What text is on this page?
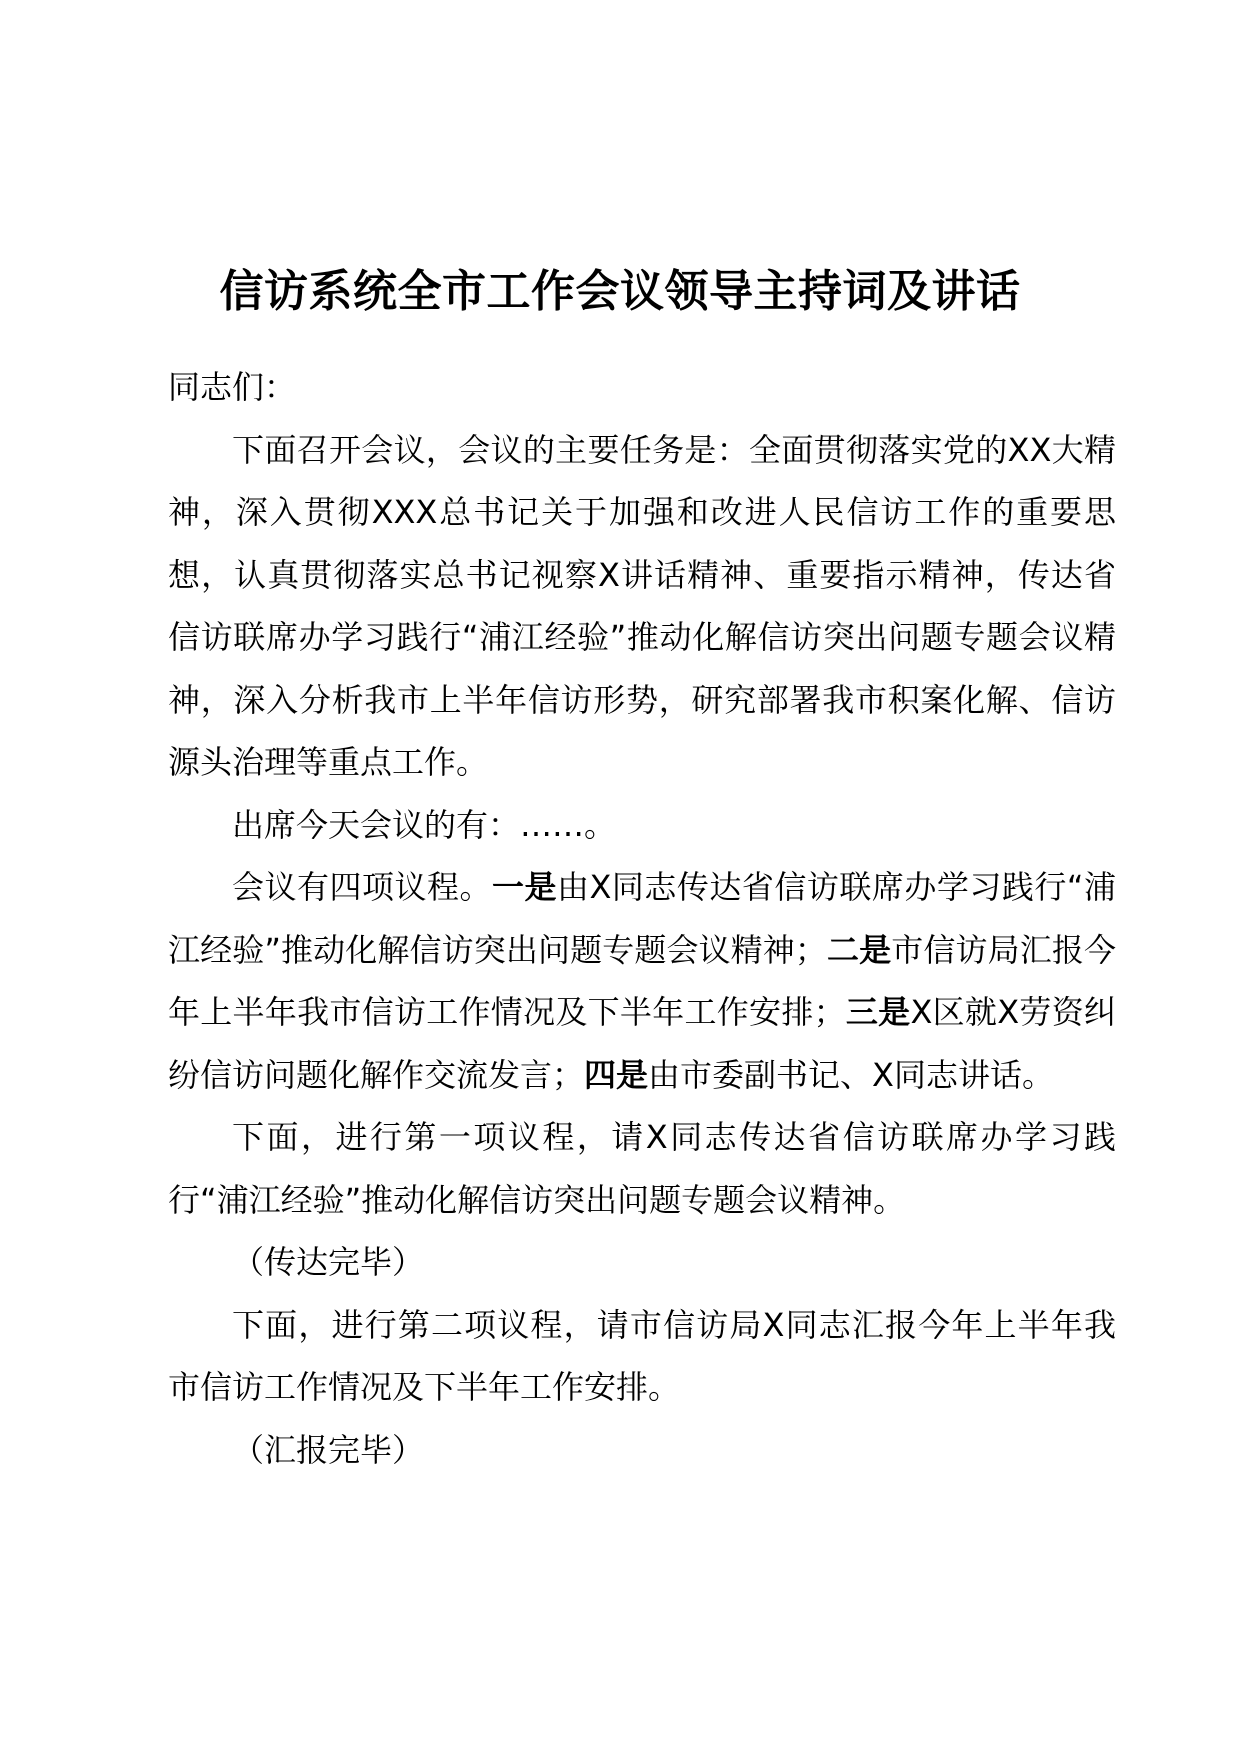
信访系统全市工作会议领导主持词及讲话

同志们：

下面召开会议，会议的主要任务是：全面贯彻落实党的XX大精神，深入贯彻XXX总书记关于加强和改进人民信访工作的重要思想，认真贯彻落实总书记视察X讲话精神、重要指示精神，传达省信访联席办学习践行“浦江经验”推动化解信访突出问题专题会议精神，深入分析我市上半年信访形势，研究部署我市积案化解、信访源头治理等重点工作。

出席今天会议的有：……。

会议有四项议程。一是由X同志传达省信访联席办学习践行“浦江经验”推动化解信访突出问题专题会议精神；二是市信访局汇报今年上半年我市信访工作情况及下半年工作安排；三是X区就X劳资纠纷信访问题化解作交流发言；四是由市委副书记、X同志讲话。

下面，进行第一项议程，请X同志传达省信访联席办学习践行“浦江经验”推动化解信访突出问题专题会议精神。

（传达完毕）

下面，进行第二项议程，请市信访局X同志汇报今年上半年我市信访工作情况及下半年工作安排。

（汇报完毕）
